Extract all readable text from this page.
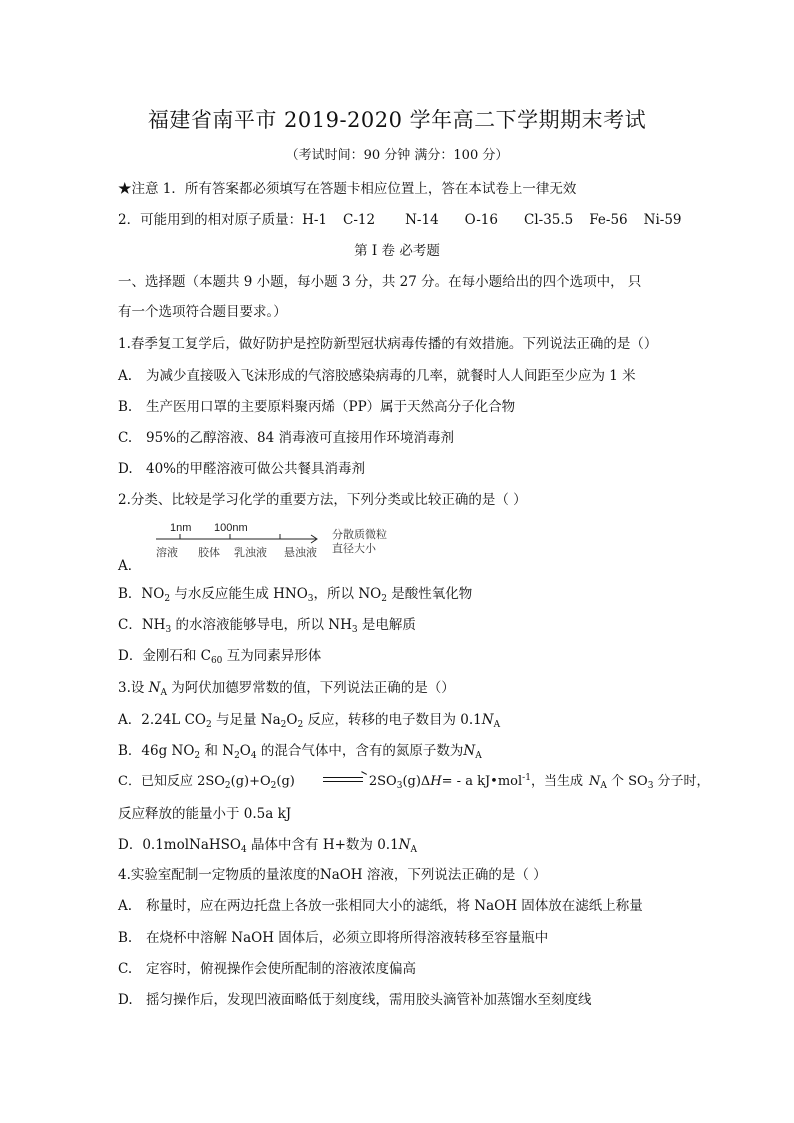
福建省南平市 2019-2020 学年高二下学期期末考试
（考试时间：90 分钟 满分：100 分）
★注意 1．所有答案都必须填写在答题卡相应位置上，答在本试卷上一律无效
2．可能用到的相对原子质量：H-1 C-12 N-14 O-16 Cl-35.5 Fe-56 Ni-59
第 I 卷 必考题
一、选择题（本题共 9 小题，每小题 3 分，共 27 分。在每小题给出的四个选项中， 只
有一个选项符合题目要求。）
1.春季复工复学后，做好防护是控防新型冠状病毒传播的有效措施。下列说法正确的是（）
A. 为减少直接吸入飞沫形成的气溶胶感染病毒的几率，就餐时人人间距至少应为 1 米
B. 生产医用口罩的主要原料聚丙烯（PP）属于天然高分子化合物
C. 95%的乙醇溶液、84 消毒液可直接用作环境消毒剂
D. 40%的甲醛溶液可做公共餐具消毒剂
2.分类、比较是学习化学的重要方法，下列分类或比较正确的是（ ）
1nm 100nm
溶液 胶体 乳浊液 悬浊液
分散质微粒
直径大小
A．
B．$NO_2$ 与水反应能生成 $HNO_3$，所以 $NO_2$ 是酸性氧化物
C．$NH_3$ 的水溶液能够导电，所以 $NH_3$ 是电解质
D．金刚石和 $C_{60}$ 互为同素异形体
3.设 $N_A$ 为阿伏加德罗常数的值，下列说法正确的是（）
A．2.24L $CO_2$ 与足量 $Na_2O_2$ 反应，转移的电子数目为 $0.1N_A$
B．46g $NO_2$ 和 $N_2O_4$ 的混合气体中，含有的氮原子数为$N_A$
C．已知反应 $2SO_2(g)+O_2(g) \to 2SO_3(g)\Delta H= - a$ kJ•mol$^{-1}$，当生成 $N_A$ 个 $SO_3$ 分子时，
反应释放的能量小于 0.5a kJ
D．0.1molNaHSO$_4$ 晶体中含有 H+数为 $0.1N_A$
4.实验室配制一定物质的量浓度的NaOH 溶液，下列说法正确的是（ ）
A. 称量时，应在两边托盘上各放一张相同大小的滤纸，将 NaOH 固体放在滤纸上称量
B. 在烧杯中溶解 NaOH 固体后，必须立即将所得溶液转移至容量瓶中
C. 定容时，俯视操作会使所配制的溶液浓度偏高
D. 摇匀操作后，发现凹液面略低于刻度线，需用胶头滴管补加蒸馏水至刻度线
